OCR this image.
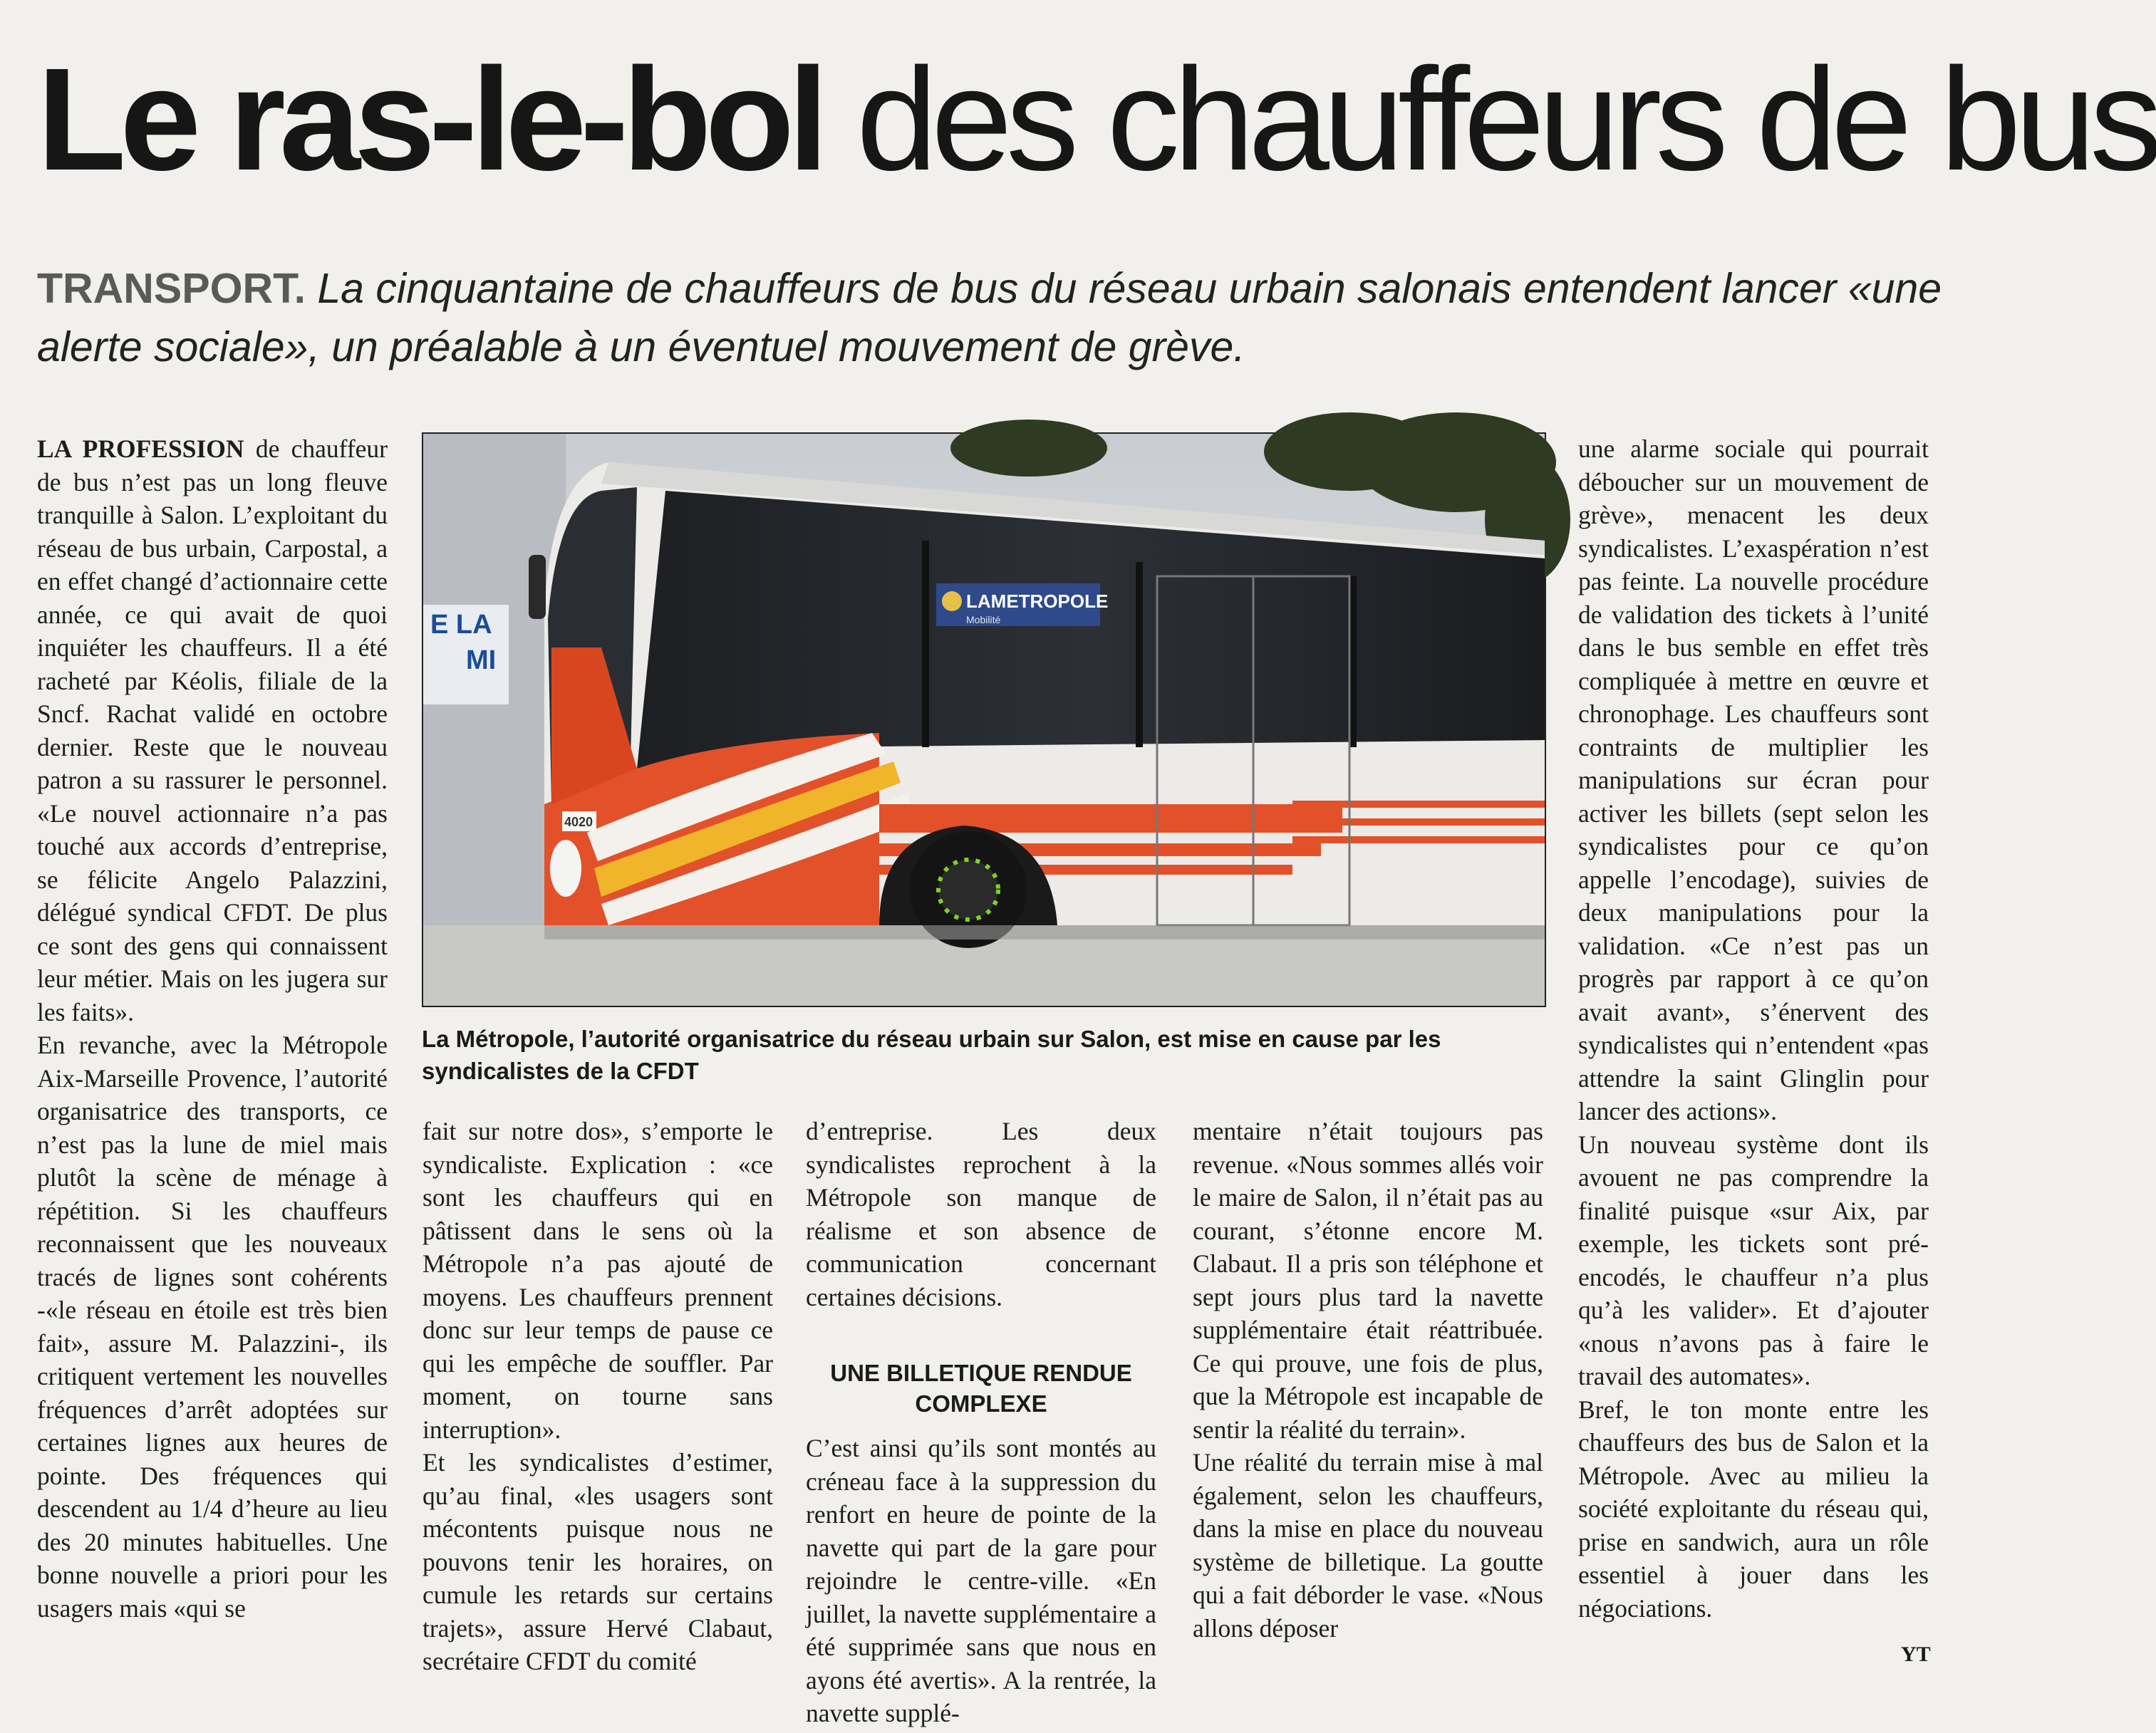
Le ras-le-bol des chauffeurs de bus
TRANSPORT. La cinquantaine de chauffeurs de bus du réseau urbain salonais entendent lancer «une alerte sociale», un préalable à un éventuel mouvement de grève.

LA PROFESSION de chauffeur de bus n’est pas un long fleuve tranquille à Salon. L’exploitant du réseau de bus urbain, Carpostal, a en effet changé d’actionnaire cette année, ce qui avait de quoi inquiéter les chauffeurs. Il a été racheté par Kéolis, filiale de la Sncf. Rachat validé en octobre dernier. Reste que le nouveau patron a su rassurer le personnel. «Le nouvel actionnaire n’a pas touché aux accords d’entreprise, se félicite Angelo Palazzini, délégué syndical CFDT. De plus ce sont des gens qui connaissent leur métier. Mais on les jugera sur les faits».

En revanche, avec la Métropole Aix-Marseille Provence, l’autorité organisatrice des transports, ce n’est pas la lune de miel mais plutôt la scène de ménage à répétition. Si les chauffeurs reconnaissent que les nouveaux tracés de lignes sont cohérents -«le réseau en étoile est très bien fait», assure M. Palazzini-, ils critiquent vertement les nouvelles fréquences d’arrêt adoptées sur certaines lignes aux heures de pointe. Des fréquences qui descendent au 1/4 d’heure au lieu des 20 minutes habituelles. Une bonne nouvelle a priori pour les usagers mais «qui se

E LA
MI
LAMETROPOLE
Mobilité
4020
La Métropole, l’autorité organisatrice du réseau urbain sur Salon, est mise en cause par les syndicalistes de la CFDT

fait sur notre dos», s’emporte le syndicaliste. Explication : «ce sont les chauffeurs qui en pâtissent dans le sens où la Métropole n’a pas ajouté de moyens. Les chauffeurs prennent donc sur leur temps de pause ce qui les empêche de souffler. Par moment, on tourne sans interruption».

Et les syndicalistes d’estimer, qu’au final, «les usagers sont mécontents puisque nous ne pouvons tenir les horaires, on cumule les retards sur certains trajets», assure Hervé Clabaut, secrétaire CFDT du comité

d’entreprise. Les deux syndicalistes reprochent à la Métropole son manque de réalisme et son absence de communication concernant certaines décisions.

UNE BILLETIQUE RENDUE COMPLEXE

C’est ainsi qu’ils sont montés au créneau face à la suppression du renfort en heure de pointe de la navette qui part de la gare pour rejoindre le centre-ville. «En juillet, la navette supplémentaire a été supprimée sans que nous en ayons été avertis». A la rentrée, la navette supplé-

mentaire n’était toujours pas revenue. «Nous sommes allés voir le maire de Salon, il n’était pas au courant, s’étonne encore M. Clabaut. Il a pris son téléphone et sept jours plus tard la navette supplémentaire était réattribuée. Ce qui prouve, une fois de plus, que la Métropole est incapable de sentir la réalité du terrain».

Une réalité du terrain mise à mal également, selon les chauffeurs, dans la mise en place du nouveau système de billetique. La goutte qui a fait déborder le vase. «Nous allons déposer

une alarme sociale qui pourrait déboucher sur un mouvement de grève», menacent les deux syndicalistes. L’exaspération n’est pas feinte. La nouvelle procédure de validation des tickets à l’unité dans le bus semble en effet très compliquée à mettre en œuvre et chronophage. Les chauffeurs sont contraints de multiplier les manipulations sur écran pour activer les billets (sept selon les syndicalistes pour ce qu’on appelle l’encodage), suivies de deux manipulations pour la validation. «Ce n’est pas un progrès par rapport à ce qu’on avait avant», s’énervent des syndicalistes qui n’entendent «pas attendre la saint Glinglin pour lancer des actions».

Un nouveau système dont ils avouent ne pas comprendre la finalité puisque «sur Aix, par exemple, les tickets sont pré-encodés, le chauffeur n’a plus qu’à les valider». Et d’ajouter «nous n’avons pas à faire le travail des automates».

Bref, le ton monte entre les chauffeurs des bus de Salon et la Métropole. Avec au milieu la société exploitante du réseau qui, prise en sandwich, aura un rôle essentiel à jouer dans les négociations.

YT
